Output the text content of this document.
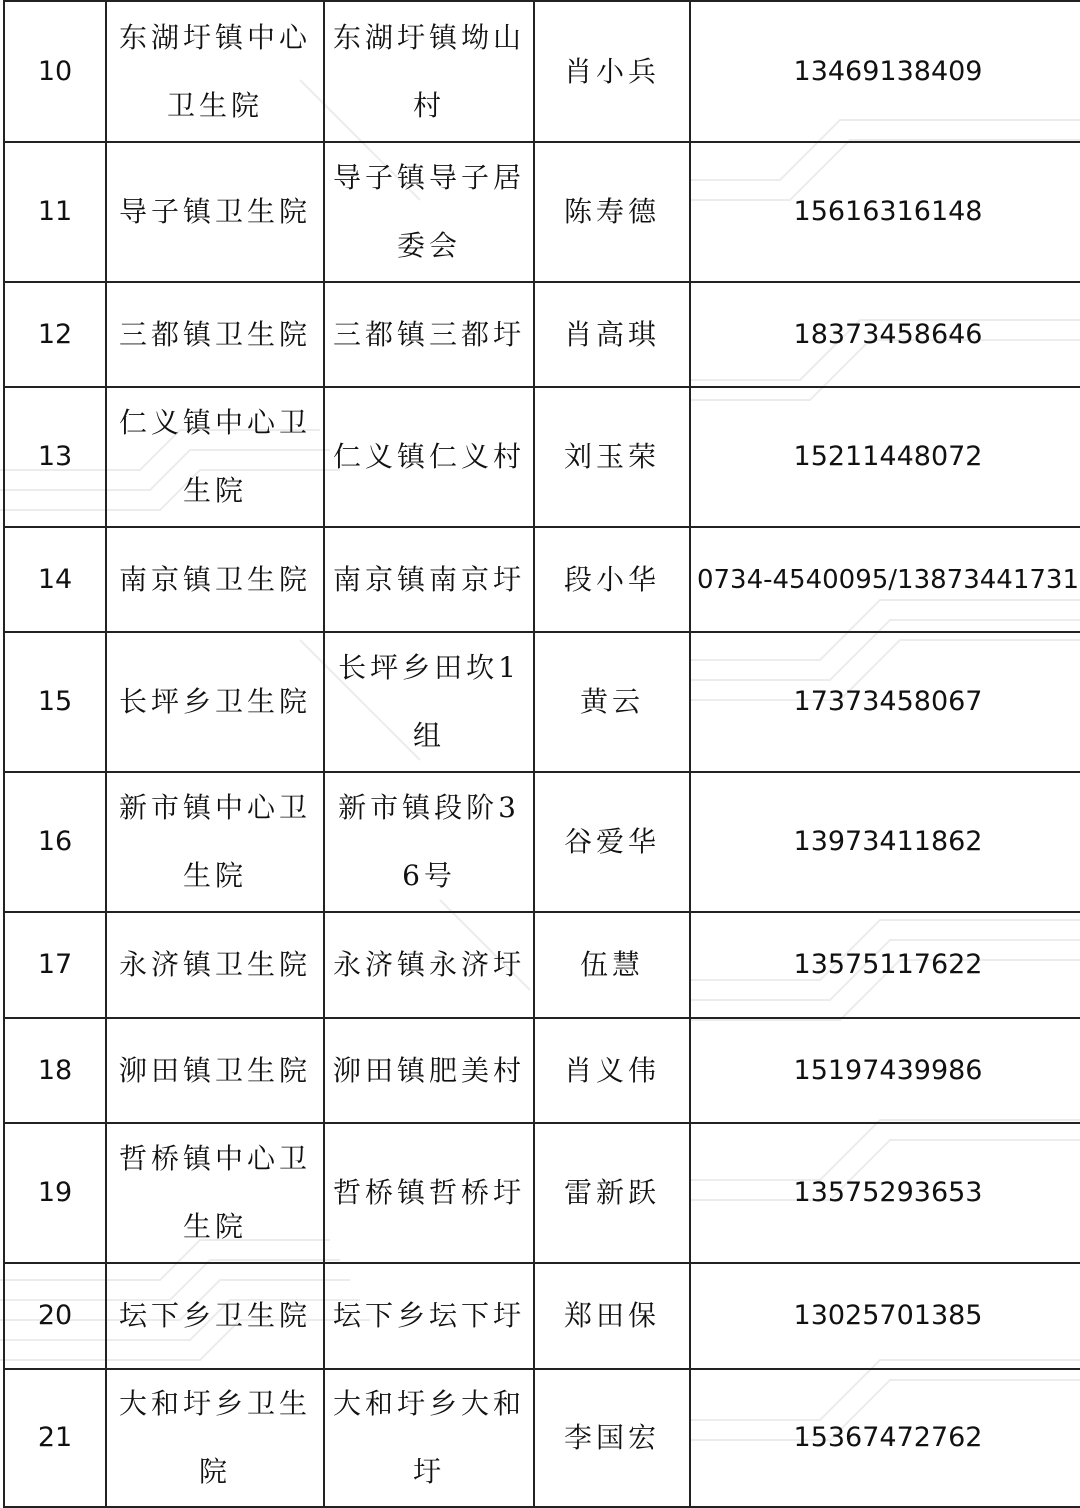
10	东湖圩镇中心卫生院	东湖圩镇坳山村	肖小兵	13469138409
11	导子镇卫生院	导子镇导子居委会	陈寿德	15616316148
12	三都镇卫生院	三都镇三都圩	肖高琪	18373458646
13	仁义镇中心卫生院	仁义镇仁义村	刘玉荣	15211448072
14	南京镇卫生院	南京镇南京圩	段小华	0734-4540095/13873441731
15	长坪乡卫生院	长坪乡田坎1组	黄云	17373458067
16	新市镇中心卫生院	新市镇段阶36号	谷爱华	13973411862
17	永济镇卫生院	永济镇永济圩	伍慧	13575117622
18	泖田镇卫生院	泖田镇肥美村	肖义伟	15197439986
19	哲桥镇中心卫生院	哲桥镇哲桥圩	雷新跃	13575293653
20	坛下乡卫生院	坛下乡坛下圩	郑田保	13025701385
21	大和圩乡卫生院	大和圩乡大和圩	李国宏	15367472762
